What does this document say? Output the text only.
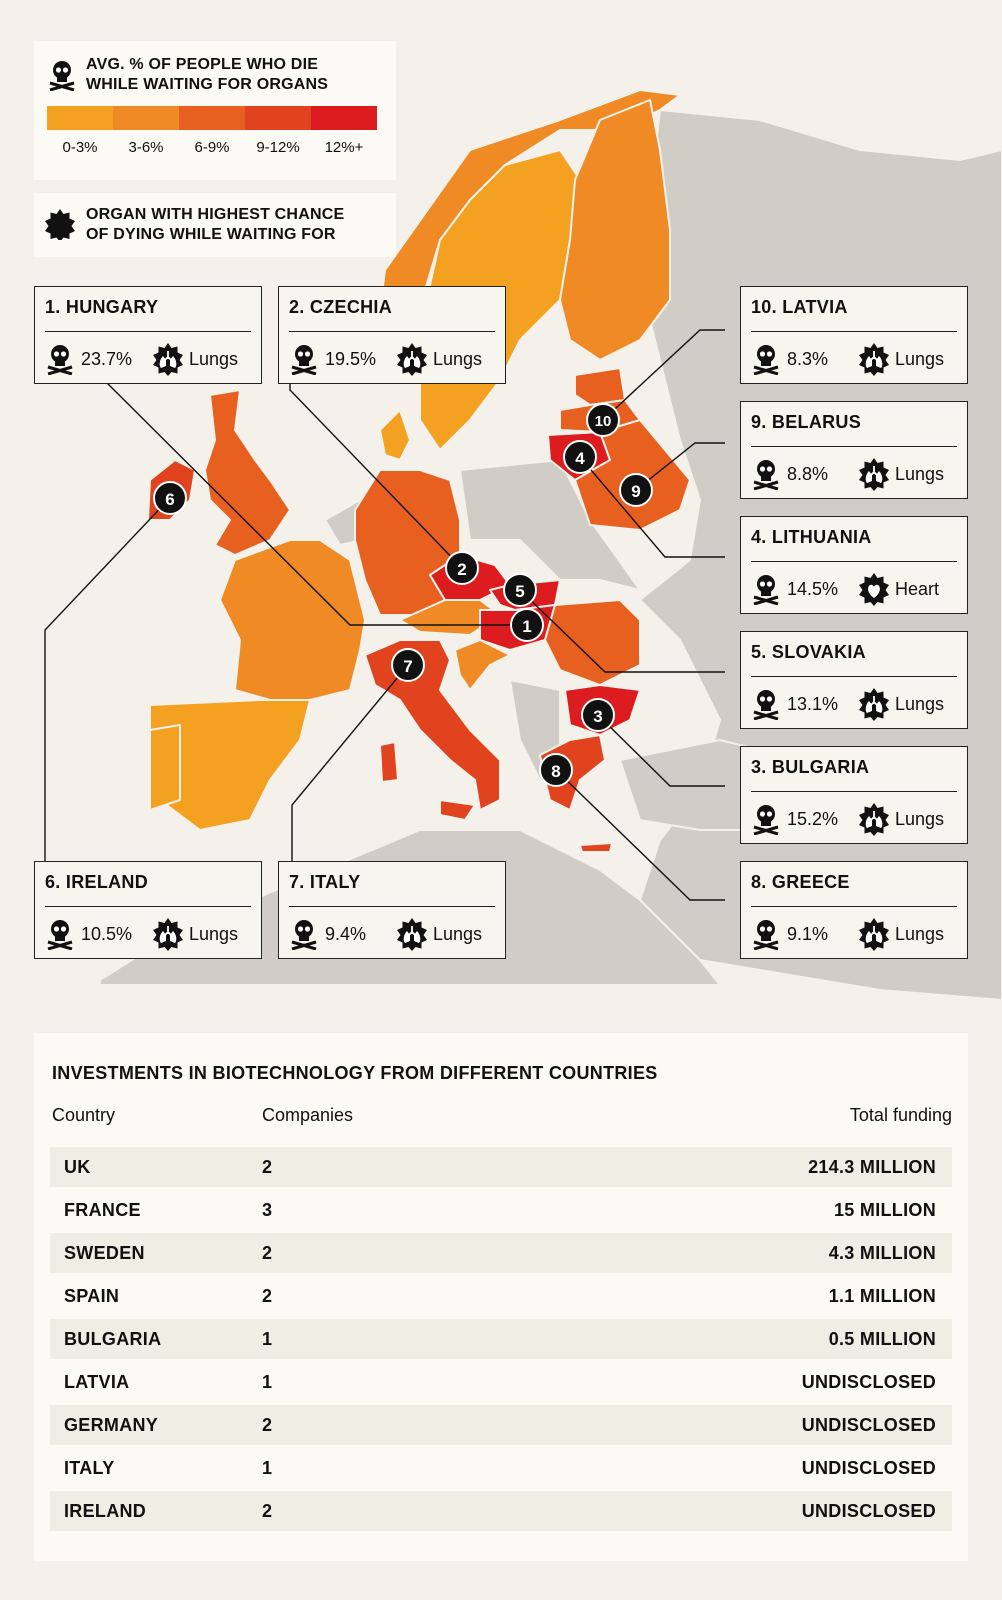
AVG. % OF PEOPLE WHO DIE
WHILE WAITING FOR ORGANS
0-3%	3-6%	6-9%	9-12%	12%+
ORGAN WITH HIGHEST CHANCE
OF DYING WHILE WAITING FOR
1. HUNGARY
23.7%	Lungs
2. CZECHIA
19.5%	Lungs
10. LATVIA
8.3%	Lungs
9. BELARUS
8.8%	Lungs
4. LITHUANIA
14.5%	Heart
5. SLOVAKIA
13.1%	Lungs
3. BULGARIA
15.2%	Lungs
6. IRELAND
10.5%	Lungs
7. ITALY
9.4%	Lungs
8. GREECE
9.1%	Lungs
1
2
10
9
4
5
3
6
7
8
INVESTMENTS IN BIOTECHNOLOGY FROM DIFFERENT COUNTRIES
Country	Companies	Total funding
UK	2	214.3 MILLION
FRANCE	3	15 MILLION
SWEDEN	2	4.3 MILLION
SPAIN	2	1.1 MILLION
BULGARIA	1	0.5 MILLION
LATVIA	1	UNDISCLOSED
GERMANY	2	UNDISCLOSED
ITALY	1	UNDISCLOSED
IRELAND	2	UNDISCLOSED
